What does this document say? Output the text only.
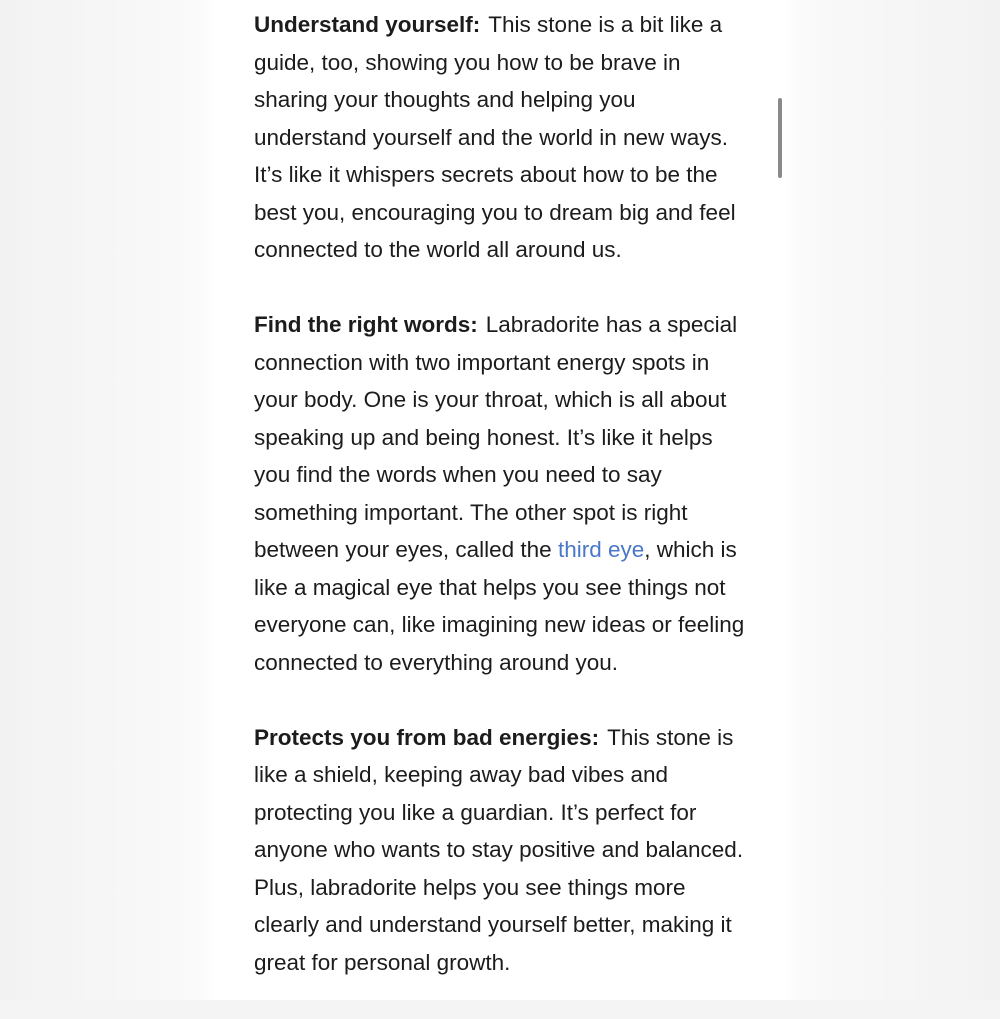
Understand yourself: This stone is a bit like a guide, too, showing you how to be brave in sharing your thoughts and helping you understand yourself and the world in new ways. It’s like it whispers secrets about how to be the best you, encouraging you to dream big and feel connected to the world all around us.

Find the right words: Labradorite has a special connection with two important energy spots in your body. One is your throat, which is all about speaking up and being honest. It’s like it helps you find the words when you need to say something important. The other spot is right between your eyes, called the third eye, which is like a magical eye that helps you see things not everyone can, like imagining new ideas or feeling connected to everything around you.

Protects you from bad energies: This stone is like a shield, keeping away bad vibes and protecting you like a guardian. It’s perfect for anyone who wants to stay positive and balanced. Plus, labradorite helps you see things more clearly and understand yourself better, making it great for personal growth.
